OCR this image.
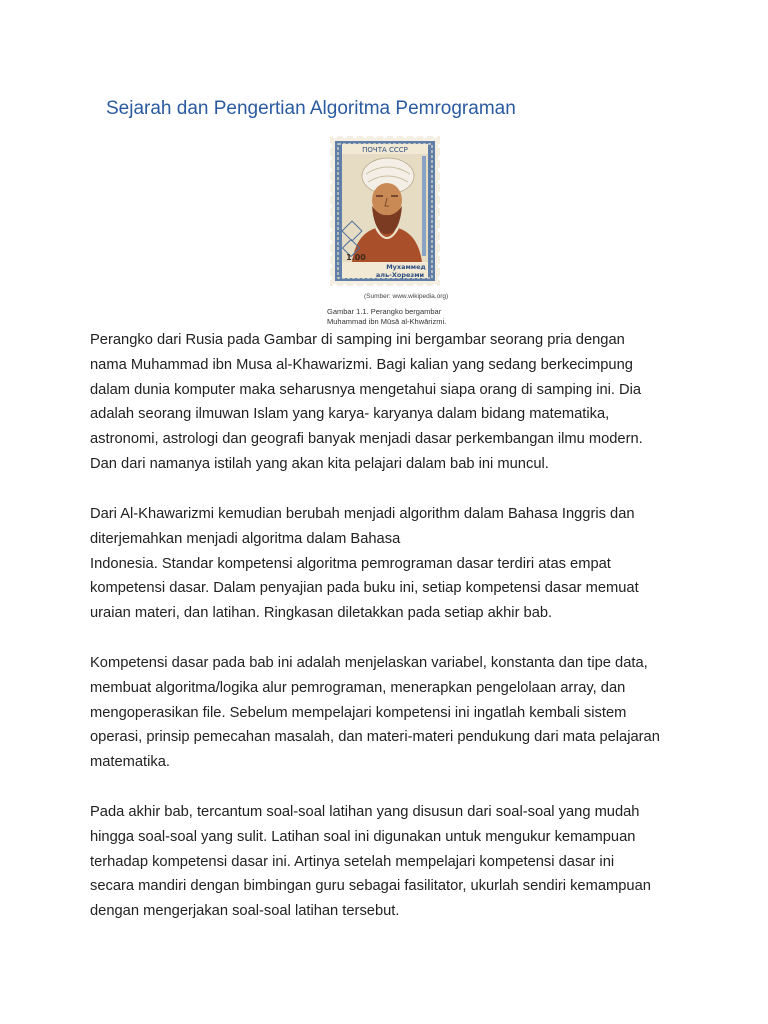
Sejarah dan Pengertian Algoritma Pemrograman
ПОЧТА СССР
1.00
Мухаммед
аль-Хорезми
(Sumber: www.wikipedia.org)
Gambar 1.1. Perangko bergambar
Muhammad ibn Mūsā al-Khwārizmi.

Perangko dari Rusia pada Gambar di samping ini bergambar seorang pria dengan
nama Muhammad ibn Musa al-Khawarizmi. Bagi kalian yang sedang berkecimpung
dalam dunia komputer maka seharusnya mengetahui siapa orang di samping ini. Dia
adalah seorang ilmuwan Islam yang karya- karyanya dalam bidang matematika,
astronomi, astrologi dan geografi banyak menjadi dasar perkembangan ilmu modern.
Dan dari namanya istilah yang akan kita pelajari dalam bab ini muncul.

Dari Al-Khawarizmi kemudian berubah menjadi algorithm dalam Bahasa Inggris dan
diterjemahkan menjadi algoritma dalam Bahasa
Indonesia. Standar kompetensi algoritma pemrograman dasar terdiri atas empat
kompetensi dasar. Dalam penyajian pada buku ini, setiap kompetensi dasar memuat
uraian materi, dan latihan. Ringkasan diletakkan pada setiap akhir bab.

Kompetensi dasar pada bab ini adalah menjelaskan variabel, konstanta dan tipe data,
membuat algoritma/logika alur pemrograman, menerapkan pengelolaan array, dan
mengoperasikan file. Sebelum mempelajari kompetensi ini ingatlah kembali sistem
operasi, prinsip pemecahan masalah, dan materi-materi pendukung dari mata pelajaran
matematika.

Pada akhir bab, tercantum soal-soal latihan yang disusun dari soal-soal yang mudah
hingga soal-soal yang sulit. Latihan soal ini digunakan untuk mengukur kemampuan
terhadap kompetensi dasar ini. Artinya setelah mempelajari kompetensi dasar ini
secara mandiri dengan bimbingan guru sebagai fasilitator, ukurlah sendiri kemampuan
dengan mengerjakan soal-soal latihan tersebut.
